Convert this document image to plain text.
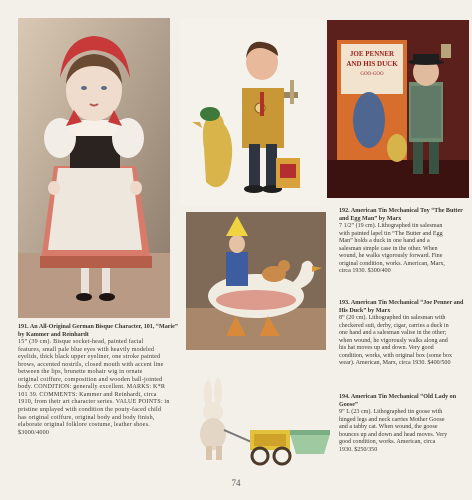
JOE PENNER
AND HIS DUCK
GOO-GOO
191. An All-Original German Bisque Character, 101, “Marie” by Kammer and Reinhardt
15” (39 cm). Bisque socket-head, painted facial
features, small pale blue eyes with heavily modeled
eyelids, thick black upper eyeliner, one stroke painted
brows, accented nostrils, closed mouth with accent line
between the lips, brunette mohair wig in ornate
original coiffure, composition and wooden ball-jointed
body. CONDITION: generally excellent. MARKS: K*R
101 39. COMMENTS: Kammer and Reinhardt, circa
1910, from their art character series. VALUE POINTS: in
pristine unplayed with condition the pouty-faced child
has original coiffure, original body and body finish,
elaborate original folklore costume, leather shoes.
$3000/4000
192. American Tin Mechanical Toy “The Butter and Egg Man” by Marx
7 1/2” (19 cm). Lithographed tin salesman
with painted lapel tin “The Butter and Egg
Man” holds a duck in one hand and a
salesman simple case in the other. When
wound, he walks vigorously forward. Fine
original condition, works. American, Marx,
circa 1930. $300/400
193. American Tin Mechanical “Joe Penner and His Duck” by Marx
8” (20 cm). Lithographed tin salesman with
checkered suit, derby, cigar, carries a duck in
one hand and a salesman valise in the other;
when wound, he vigorously walks along and
his hat moves up and down. Very good
condition, works, with original box (some box
wear). American, Marx, circa 1930. $400/500
194. American Tin Mechanical “Old Lady on Goose”
9” L (23 cm). Lithographed tin goose with
hinged legs and neck carries Mother Goose
and a tabby cat. When wound, the goose
bounces up and down and head moves. Very
good condition, works. American, circa
1930. $250/350
74
